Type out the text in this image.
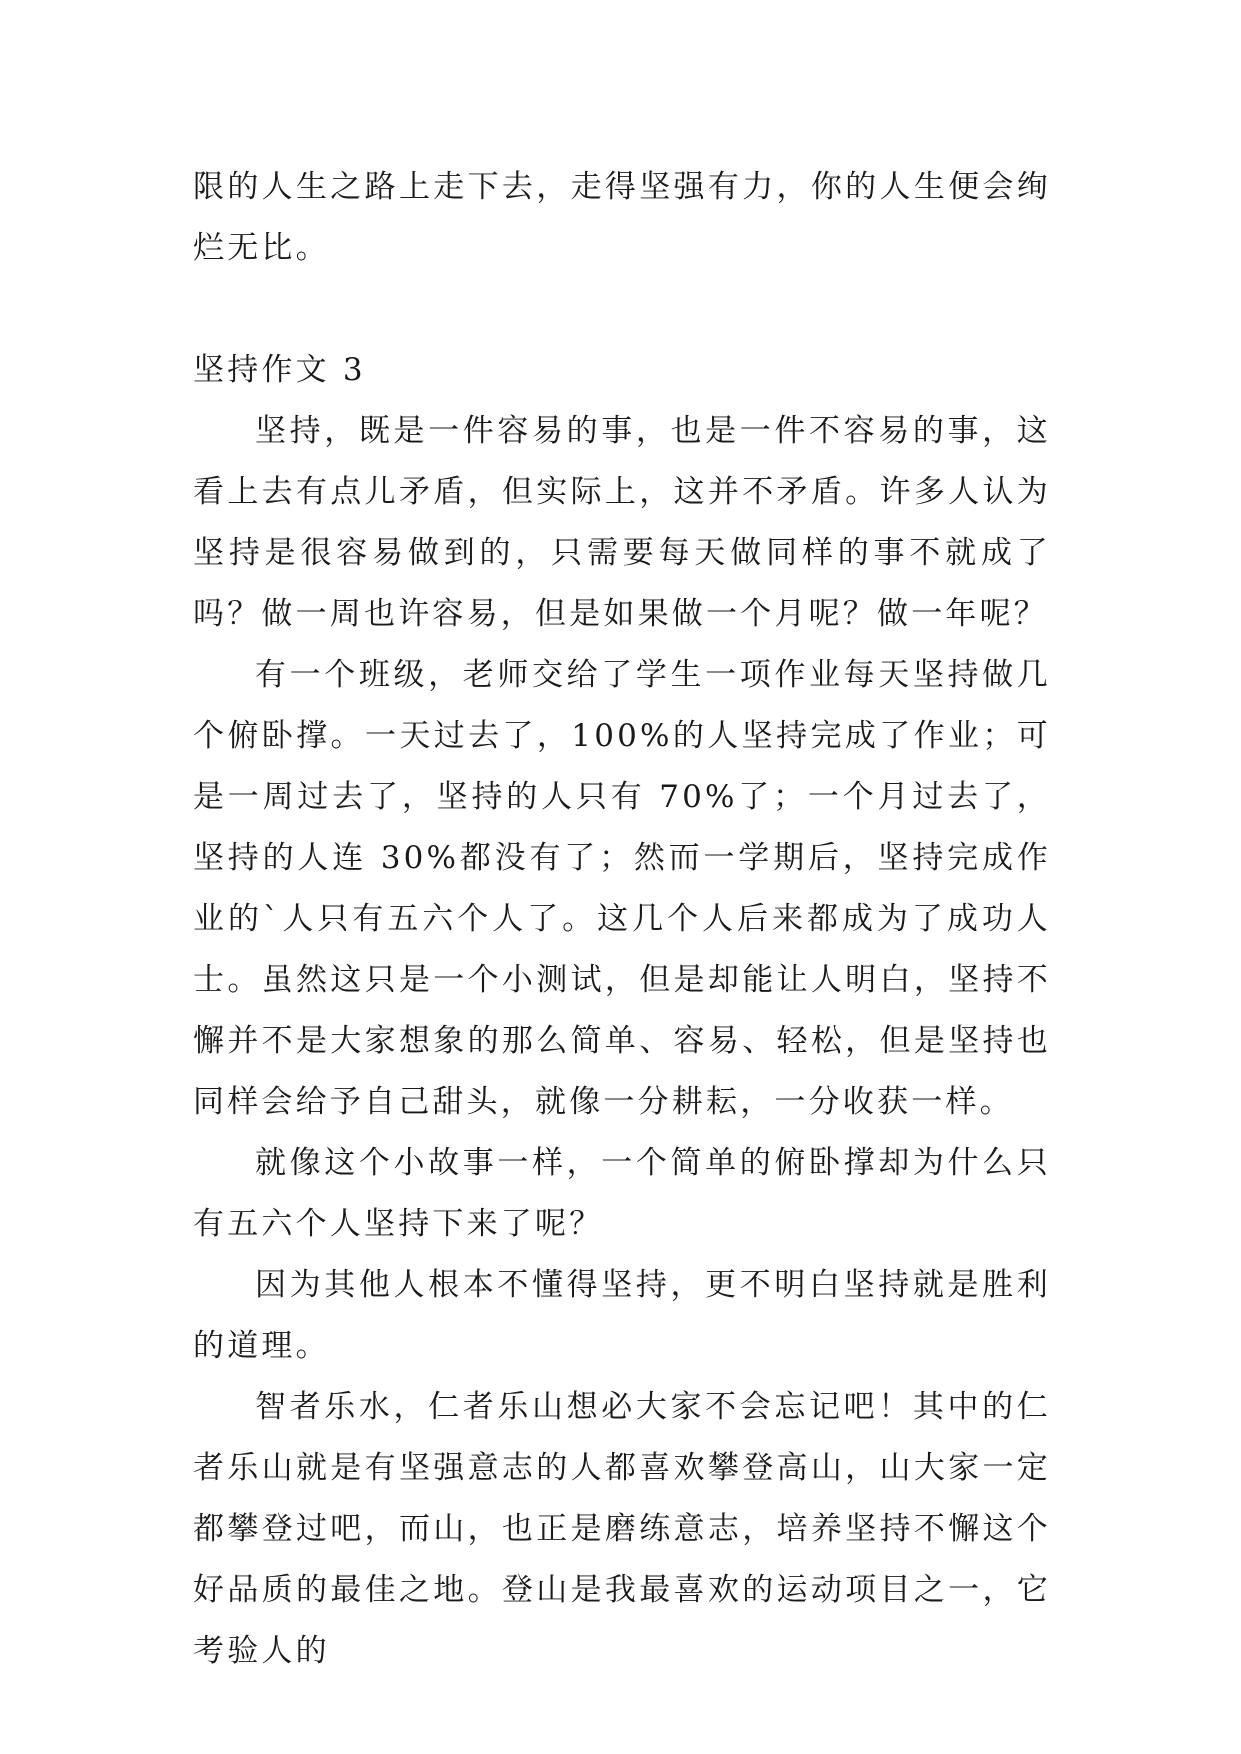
限的人生之路上走下去，走得坚强有力，你的人生便会绚烂无比。

坚持作文 3

坚持，既是一件容易的事，也是一件不容易的事，这看上去有点儿矛盾，但实际上，这并不矛盾。许多人认为坚持是很容易做到的，只需要每天做同样的事不就成了吗？做一周也许容易，但是如果做一个月呢？做一年呢？

有一个班级，老师交给了学生一项作业每天坚持做几个俯卧撑。一天过去了，100%的人坚持完成了作业；可是一周过去了，坚持的人只有 70%了；一个月过去了，坚持的人连 30%都没有了；然而一学期后，坚持完成作业的`人只有五六个人了。这几个人后来都成为了成功人士。虽然这只是一个小测试，但是却能让人明白，坚持不懈并不是大家想象的那么简单、容易、轻松，但是坚持也同样会给予自己甜头，就像一分耕耘，一分收获一样。

就像这个小故事一样，一个简单的俯卧撑却为什么只有五六个人坚持下来了呢？

因为其他人根本不懂得坚持，更不明白坚持就是胜利的道理。

智者乐水，仁者乐山想必大家不会忘记吧！其中的仁者乐山就是有坚强意志的人都喜欢攀登高山，山大家一定都攀登过吧，而山，也正是磨练意志，培养坚持不懈这个好品质的最佳之地。登山是我最喜欢的运动项目之一，它考验人的
